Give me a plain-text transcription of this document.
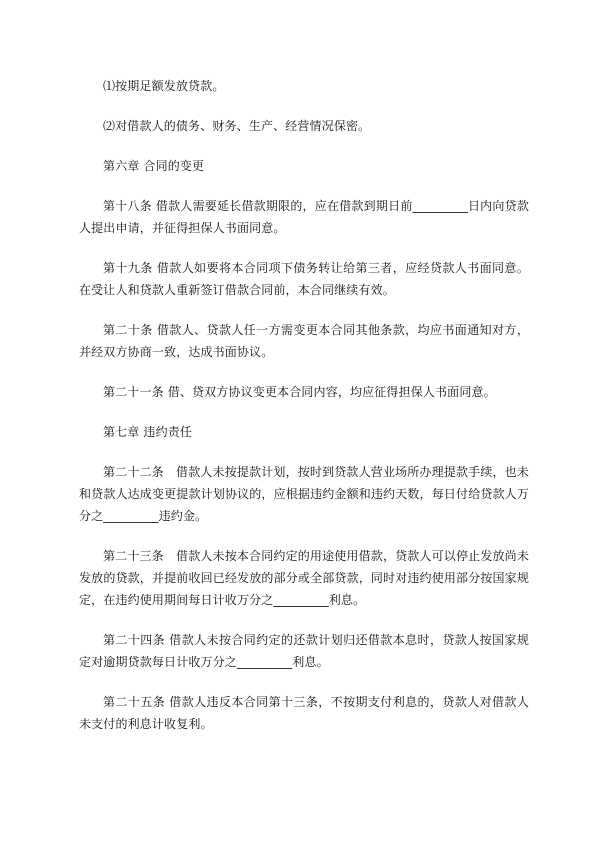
⑴按期足额发放贷款。

⑵对借款人的债务、财务、生产、经营情况保密。

第六章 合同的变更

第十八条 借款人需要延长借款期限的，应在借款到期日前_________日内向贷款人提出申请，并征得担保人书面同意。

第十九条 借款人如要将本合同项下债务转让给第三者，应经贷款人书面同意。在受让人和贷款人重新签订借款合同前，本合同继续有效。

第二十条 借款人、贷款人任一方需变更本合同其他条款，均应书面通知对方，并经双方协商一致，达成书面协议。

第二十一条 借、贷双方协议变更本合同内容，均应征得担保人书面同意。

第七章 违约责任

第二十二条　借款人未按提款计划，按时到贷款人营业场所办理提款手续，也未和贷款人达成变更提款计划协议的，应根据违约金额和违约天数，每日付给贷款人万分之_________违约金。

第二十三条　借款人未按本合同约定的用途使用借款，贷款人可以停止发放尚未发放的贷款，并提前收回已经发放的部分或全部贷款，同时对违约使用部分按国家规定，在违约使用期间每日计收万分之_________利息。

第二十四条 借款人未按合同约定的还款计划归还借款本息时，贷款人按国家规定对逾期贷款每日计收万分之_________利息。

第二十五条 借款人违反本合同第十三条，不按期支付利息的，贷款人对借款人未支付的利息计收复利。
